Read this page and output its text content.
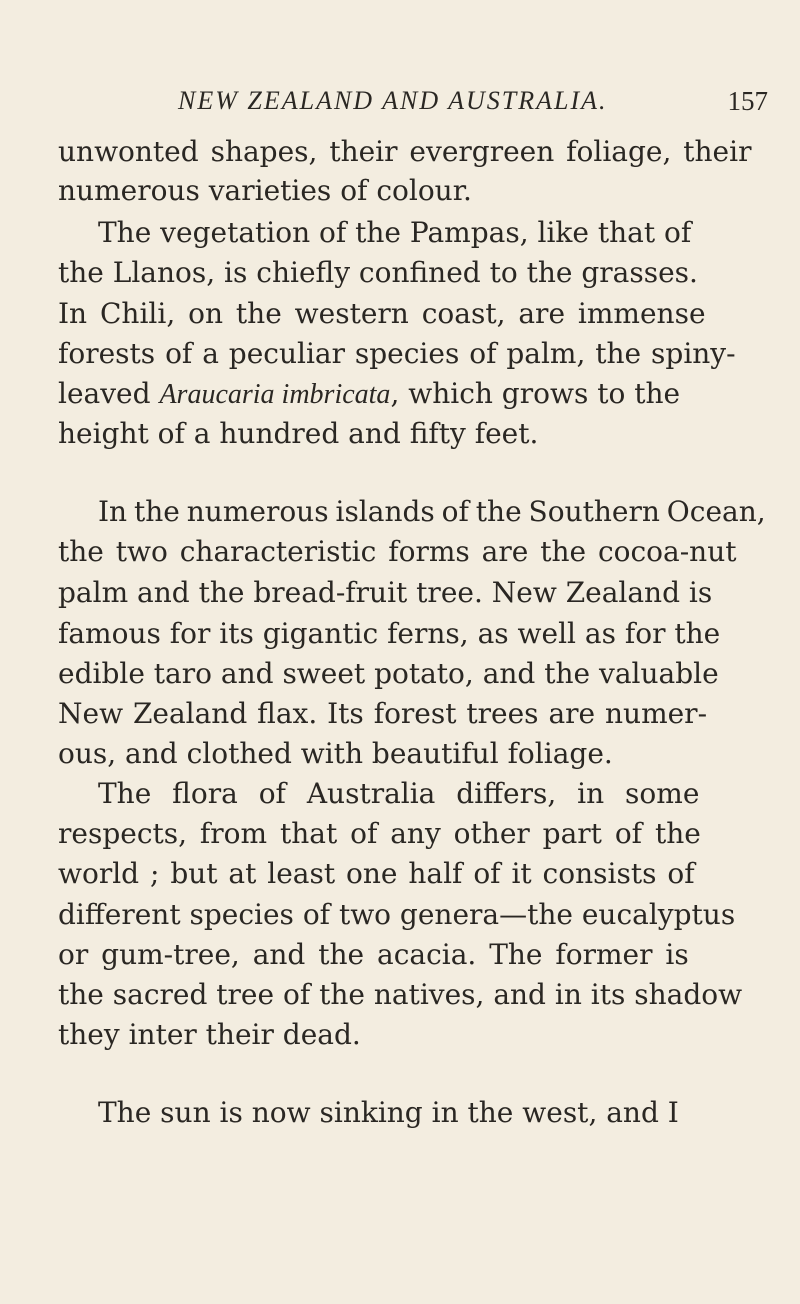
NEW ZEALAND AND AUSTRALIA.	157
unwonted shapes, their evergreen foliage, their
numerous varieties of colour.
The vegetation of the Pampas, like that of
the Llanos, is chiefly confined to the grasses.
In Chili, on the western coast, are immense
forests of a peculiar species of palm, the spiny-
leaved Araucaria imbricata, which grows to the
height of a hundred and fifty feet.
In the numerous islands of the Southern Ocean,
the two characteristic forms are the cocoa-nut
palm and the bread-fruit tree. New Zealand is
famous for its gigantic ferns, as well as for the
edible taro and sweet potato, and the valuable
New Zealand flax. Its forest trees are numer-
ous, and clothed with beautiful foliage.
The flora of Australia differs, in some
respects, from that of any other part of the
world ; but at least one half of it consists of
different species of two genera—the eucalyptus
or gum-tree, and the acacia. The former is
the sacred tree of the natives, and in its shadow
they inter their dead.
The sun is now sinking in the west, and I
